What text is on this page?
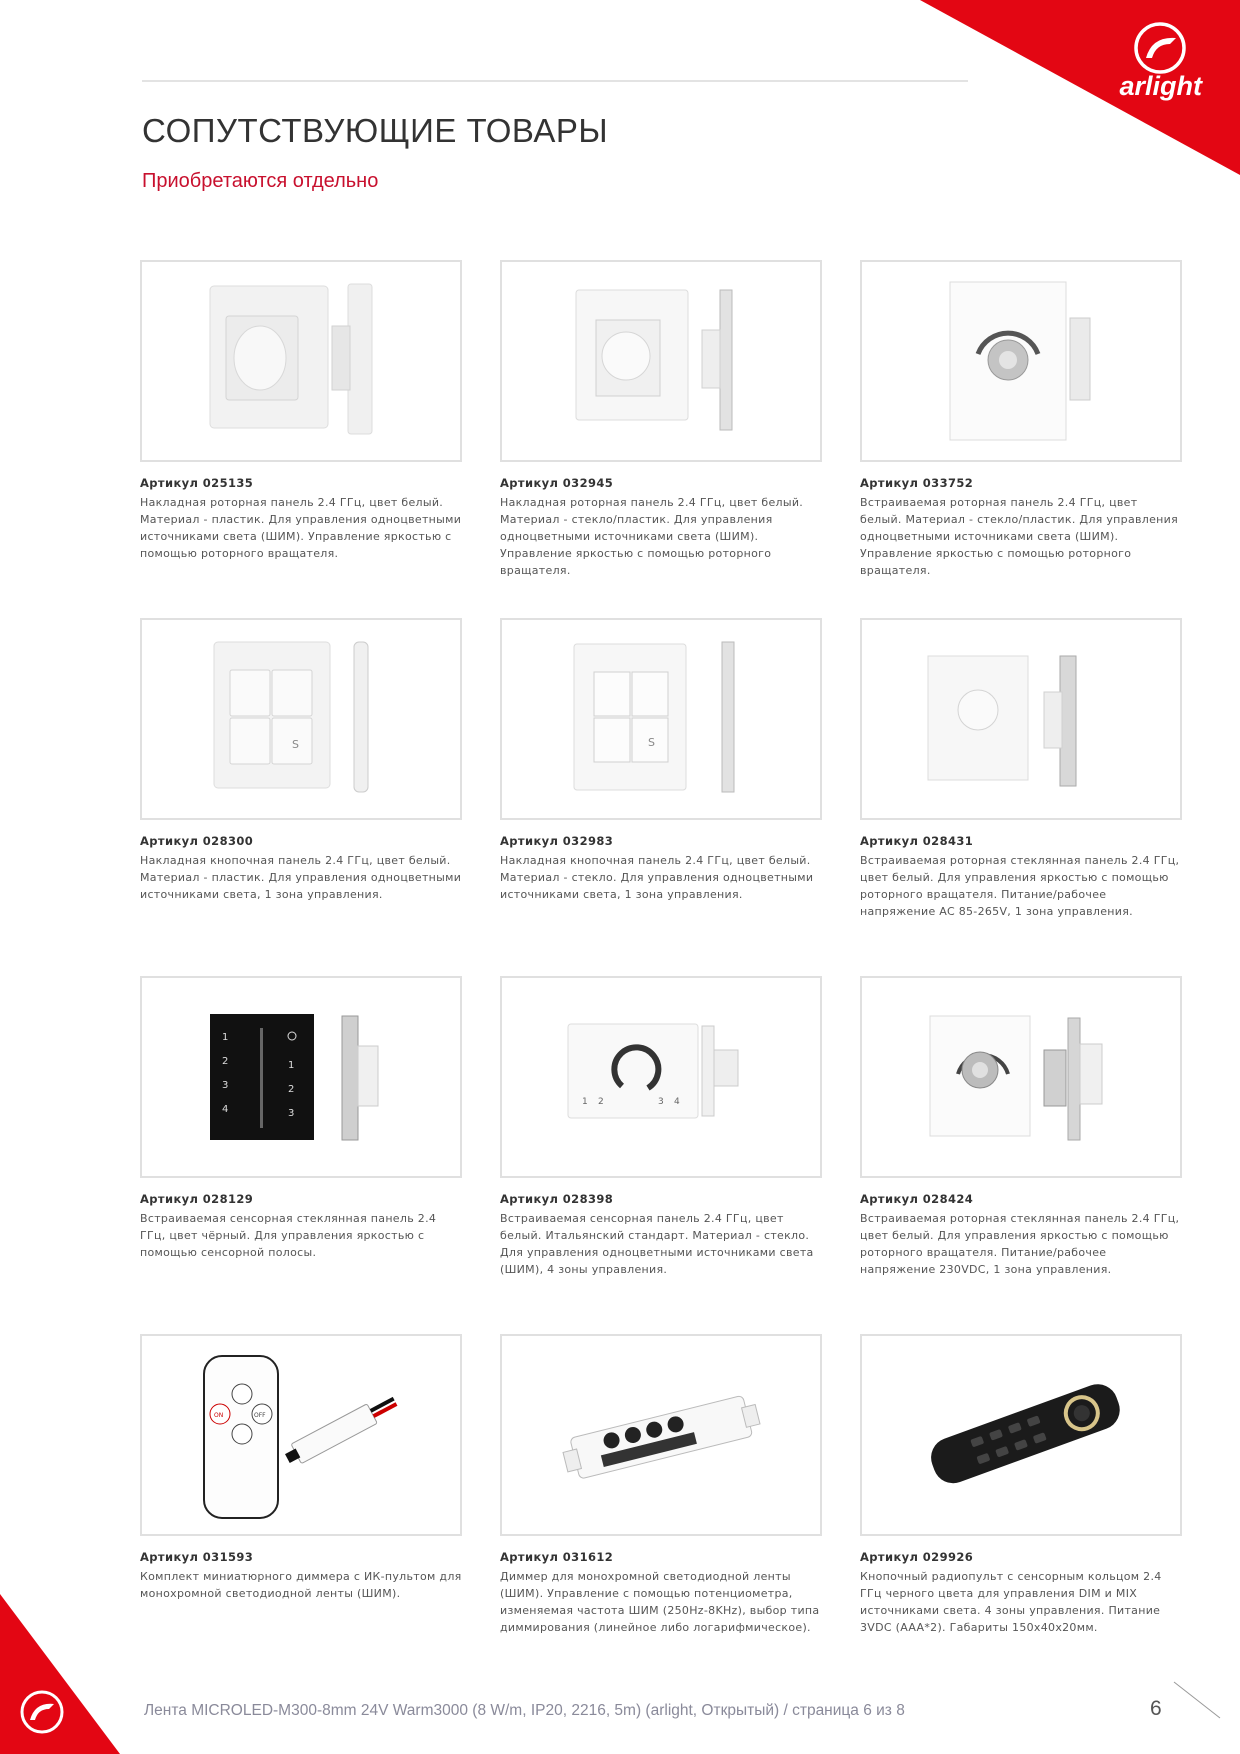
arlight
СОПУТСТВУЮЩИЕ ТОВАРЫ

Приобретаются отдельно

Артикул 025135
Накладная роторная панель 2.4 ГГц, цвет белый. Материал - пластик. Для управления одноцветными источниками света (ШИМ). Управление яркостью с помощью роторного вращателя.
Артикул 032945
Накладная роторная панель 2.4 ГГц, цвет белый. Материал - стекло/пластик. Для управления одноцветными источниками света (ШИМ). Управление яркостью с помощью роторного вращателя.
Артикул 033752
Встраиваемая роторная панель 2.4 ГГц, цвет белый. Материал - стекло/пластик. Для управления одноцветными источниками света (ШИМ). Управление яркостью с помощью роторного вращателя.
S
Артикул 028300
Накладная кнопочная панель 2.4 ГГц, цвет белый. Материал - пластик. Для управления одноцветными источниками света, 1 зона управления.
S
Артикул 032983
Накладная кнопочная панель 2.4 ГГц, цвет белый. Материал - стекло. Для управления одноцветными источниками света, 1 зона управления.
Артикул 028431
Встраиваемая роторная стеклянная панель 2.4 ГГц, цвет белый. Для управления яркостью с помощью роторного вращателя. Питание/рабочее напряжение AC 85-265V, 1 зона управления.
1
2
3
4
1
2
3
Артикул 028129
Встраиваемая сенсорная стеклянная панель 2.4 ГГц, цвет чёрный. Для управления яркостью с помощью сенсорной полосы.
1 2	3 4
Артикул 028398
Встраиваемая сенсорная панель 2.4 ГГц, цвет белый. Итальянский стандарт. Материал - стекло. Для управления одноцветными источниками света (ШИМ), 4 зоны управления.
Артикул 028424
Встраиваемая роторная стеклянная панель 2.4 ГГц, цвет белый. Для управления яркостью с помощью роторного вращателя. Питание/рабочее напряжение 230VDC, 1 зона управления.
ON	OFF
Артикул 031593
Комплект миниатюрного диммера с ИК-пультом для монохромной светодиодной ленты (ШИМ).
Артикул 031612
Диммер для монохромной светодиодной ленты (ШИМ). Управление с помощью потенциометра, изменяемая частота ШИМ (250Hz-8KHz), выбор типа диммирования (линейное либо логарифмическое).
Артикул 029926
Кнопочный радиопульт с сенсорным кольцом 2.4 ГГц черного цвета для управления DIM и MIX источниками света. 4 зоны управления. Питание 3VDC (AAA*2). Габариты 150x40x20мм.
Лента MICROLED-M300-8mm 24V Warm3000 (8 W/m, IP20, 2216, 5m) (arlight, Открытый) / страница 6 из 8	6
